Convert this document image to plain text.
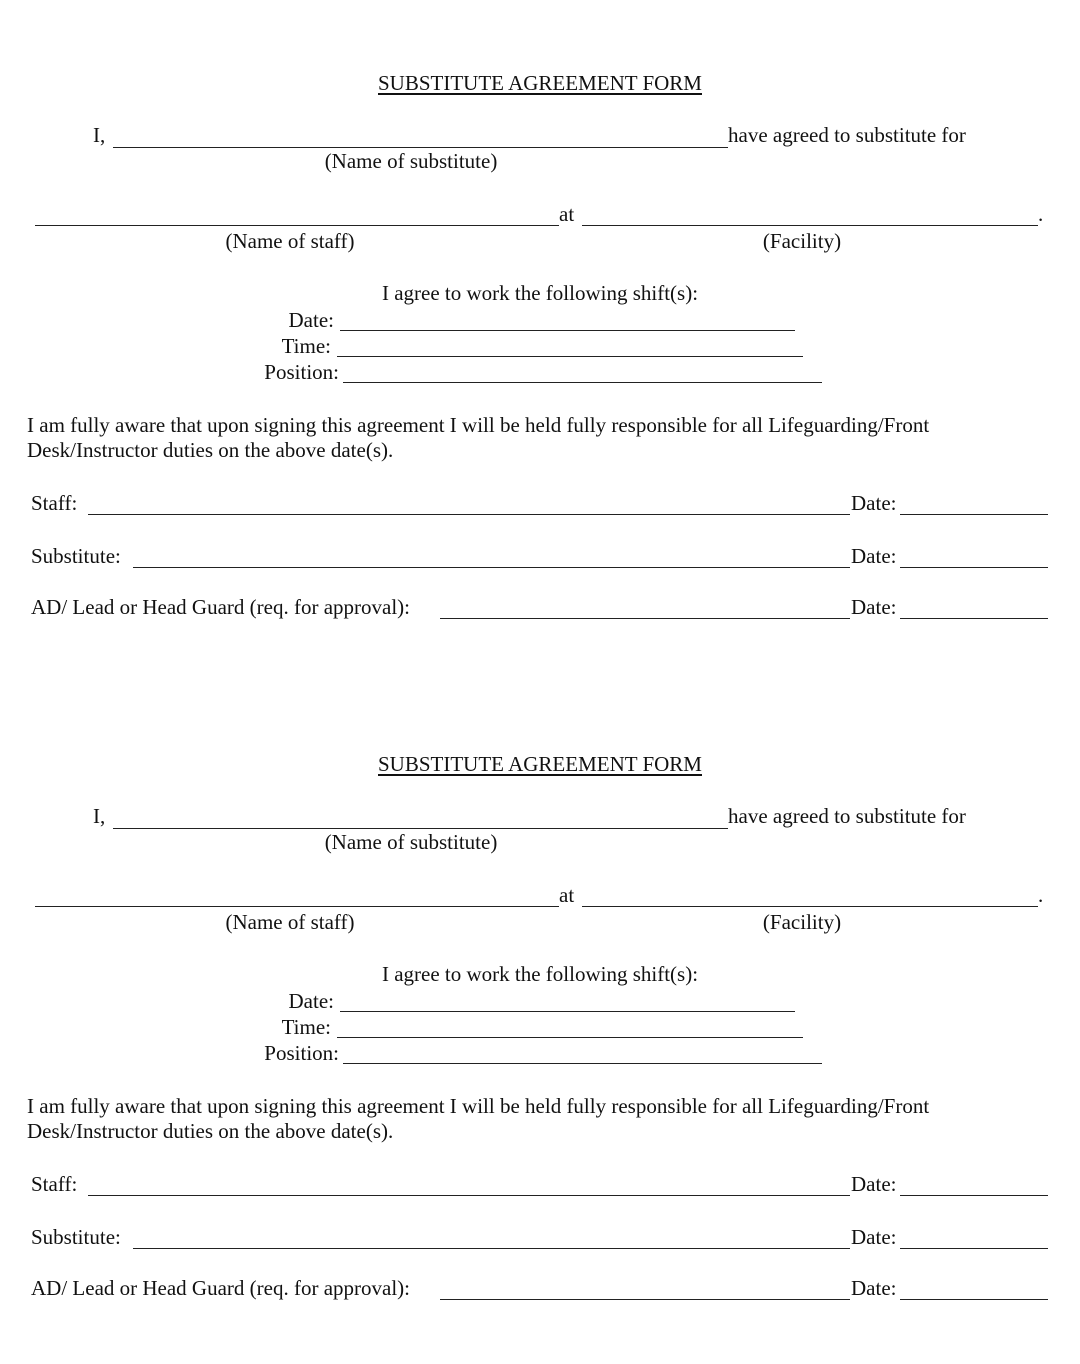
SUBSTITUTE AGREEMENT FORM
I,	have agreed to substitute for
(Name of substitute)
at	.
(Name of staff)	(Facility)
I agree to work the following shift(s):
Date:
Time:
Position:
I am fully aware that upon signing this agreement I will be held fully responsible for all Lifeguarding/Front Desk/Instructor duties on the above date(s).
Staff:	Date:
Substitute:	Date:
AD/ Lead or Head Guard (req. for approval):	Date:
SUBSTITUTE AGREEMENT FORM
I,	have agreed to substitute for
(Name of substitute)
at	.
(Name of staff)	(Facility)
I agree to work the following shift(s):
Date:
Time:
Position:
I am fully aware that upon signing this agreement I will be held fully responsible for all Lifeguarding/Front Desk/Instructor duties on the above date(s).
Staff:	Date:
Substitute:	Date:
AD/ Lead or Head Guard (req. for approval):	Date:
